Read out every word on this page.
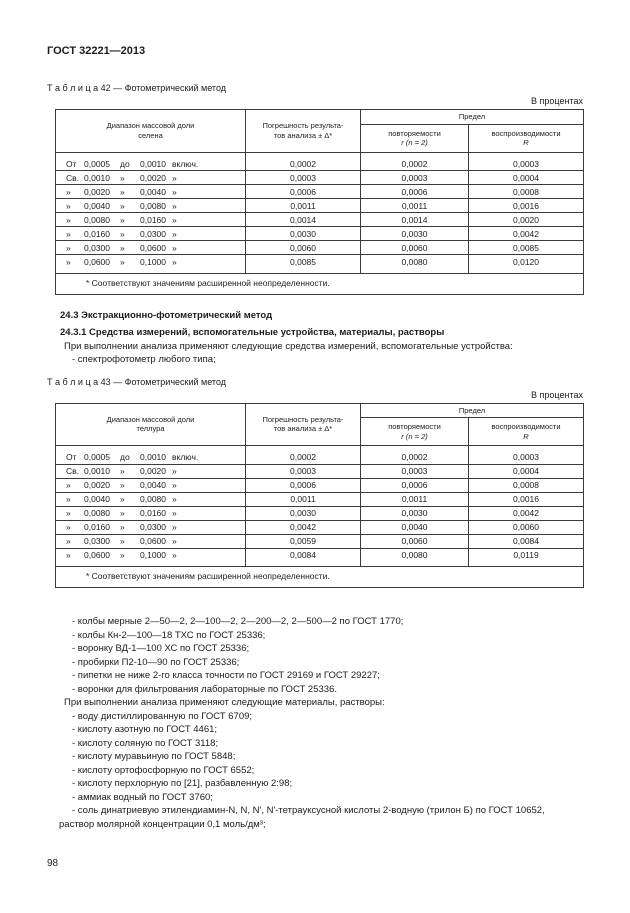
ГОСТ 32221—2013
Т а б л и ц а 42 — Фотометрический метод
В процентах
Диапазон массовой доли
селена

Погрешность результа-
тов анализа ± Δ*
	Предел

повторяемости
r (n = 2)

воспроизводимости
R

От 0,0005 до 0,0010 включ.	0,0002	0,0002	0,0003
Св. 0,0010 » 0,0020 »	0,0003	0,0003	0,0004
» 0,0020 » 0,0040 »	0,0006	0,0006	0,0008
» 0,0040 » 0,0080 »	0,0011	0,0011	0,0016
» 0,0080 » 0,0160 »	0,0014	0,0014	0,0020
» 0,0160 » 0,0300 »	0,0030	0,0030	0,0042
» 0,0300 » 0,0600 »	0,0060	0,0060	0,0085
» 0,0600 » 0,1000 »	0,0085	0,0080	0,0120
* Соответствуют значениям расширенной неопределенности.			
24.3 Экстракционно-фотометрический метод
24.3.1 Средства измерений, вспомогательные устройства, материалы, растворы
При выполнении анализа применяют следующие средства измерений, вспомогательные устройства:
- спектрофотометр любого типа;
Т а б л и ц а 43 — Фотометрический метод
В процентах
Диапазон массовой доли
теллура

Погрешность результа-
тов анализа ± Δ*
	Предел

повторяемости
r (n = 2)

воспроизводимости
R

От 0,0005 до 0,0010 включ.	0,0002	0,0002	0,0003
Св. 0,0010 » 0,0020 »	0,0003	0,0003	0,0004
» 0,0020 » 0,0040 »	0,0006	0,0006	0,0008
» 0,0040 » 0,0080 »	0,0011	0,0011	0,0016
» 0,0080 » 0,0160 »	0,0030	0,0030	0,0042
» 0,0160 » 0,0300 »	0,0042	0,0040	0,0060
» 0,0300 » 0,0600 »	0,0059	0,0060	0,0084
» 0,0600 » 0,1000 »	0,0084	0,0080	0,0119
* Соответствуют значениям расширенной неопределенности.			
- колбы мерные 2—50—2, 2—100—2, 2—200—2, 2—500—2 по ГОСТ 1770;
- колбы Кн-2—100—18 ТХС по ГОСТ 25336;
- воронку ВД-1—100 ХС по ГОСТ 25336;
- пробирки П2-10—90 по ГОСТ 25336;
- пипетки не ниже 2-го класса точности по ГОСТ 29169 и ГОСТ 29227;
- воронки для фильтрования лабораторные по ГОСТ 25336.
При выполнении анализа применяют следующие материалы, растворы:
- воду дистиллированную по ГОСТ 6709;
- кислоту азотную по ГОСТ 4461;
- кислоту соляную по ГОСТ 3118;
- кислоту муравьиную по ГОСТ 5848;
- кислоту ортофосфорную по ГОСТ 6552;
- кислоту перхлорную по [21], разбавленную 2:98;
- аммиак водный по ГОСТ 3760;
- соль динатриевую этилендиамин-N, N, N', N'-тетрауксусной кислоты 2-водную (трилон Б) по ГОСТ 10652,
раствор молярной концентрации 0,1 моль/дм³;
98
